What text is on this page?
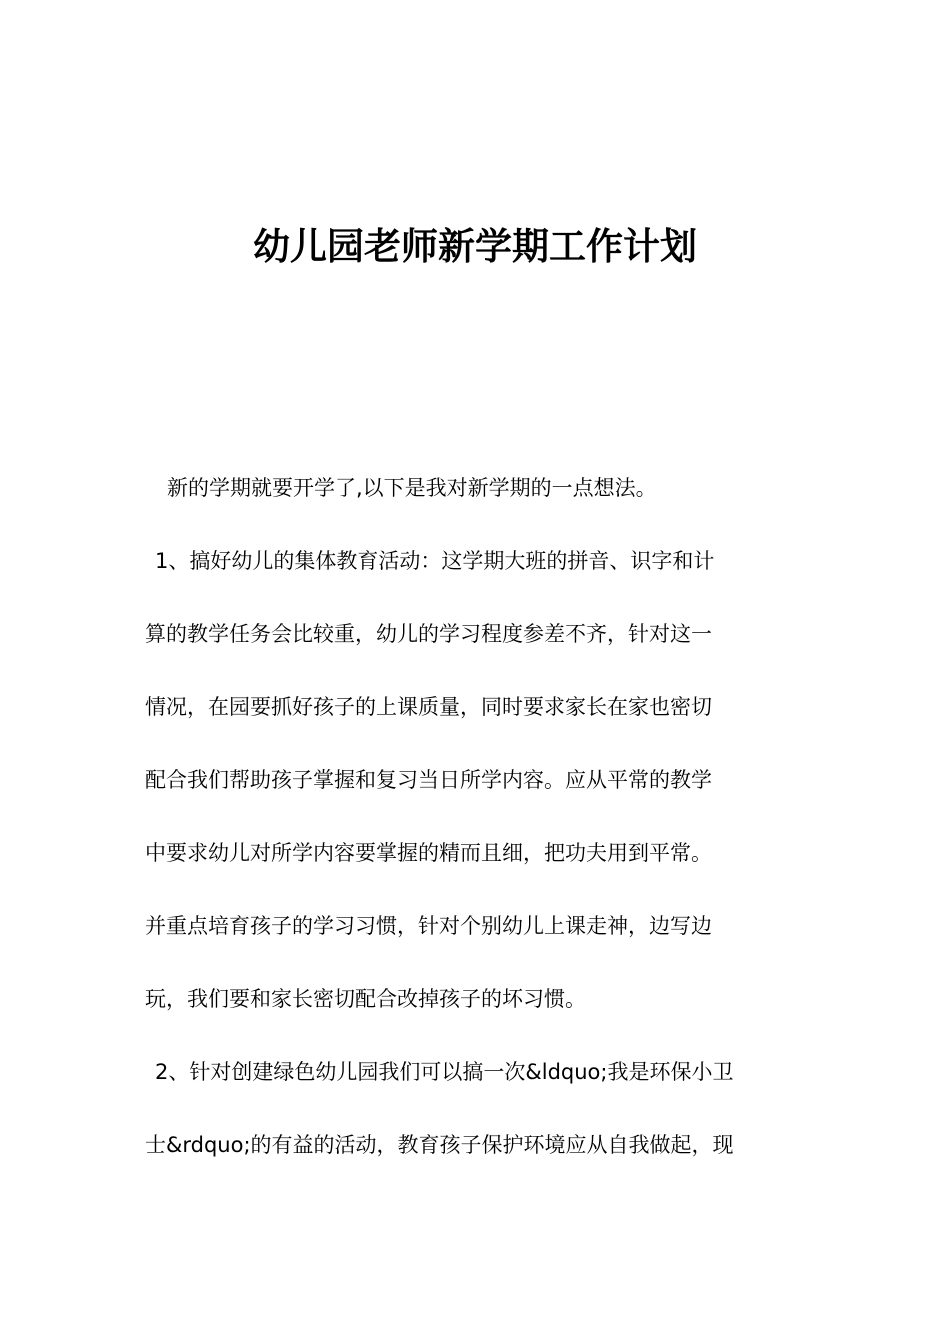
幼儿园老师新学期工作计划
新的学期就要开学了,以下是我对新学期的一点想法。
1、搞好幼儿的集体教育活动：这学期大班的拼音、识字和计
算的教学任务会比较重，幼儿的学习程度参差不齐，针对这一
情况，在园要抓好孩子的上课质量，同时要求家长在家也密切
配合我们帮助孩子掌握和复习当日所学内容。应从平常的教学
中要求幼儿对所学内容要掌握的精而且细，把功夫用到平常。
并重点培育孩子的学习习惯，针对个别幼儿上课走神，边写边
玩，我们要和家长密切配合改掉孩子的坏习惯。
2、针对创建绿色幼儿园我们可以搞一次&ldquo;我是环保小卫
士&rdquo;的有益的活动，教育孩子保护环境应从自我做起，现
